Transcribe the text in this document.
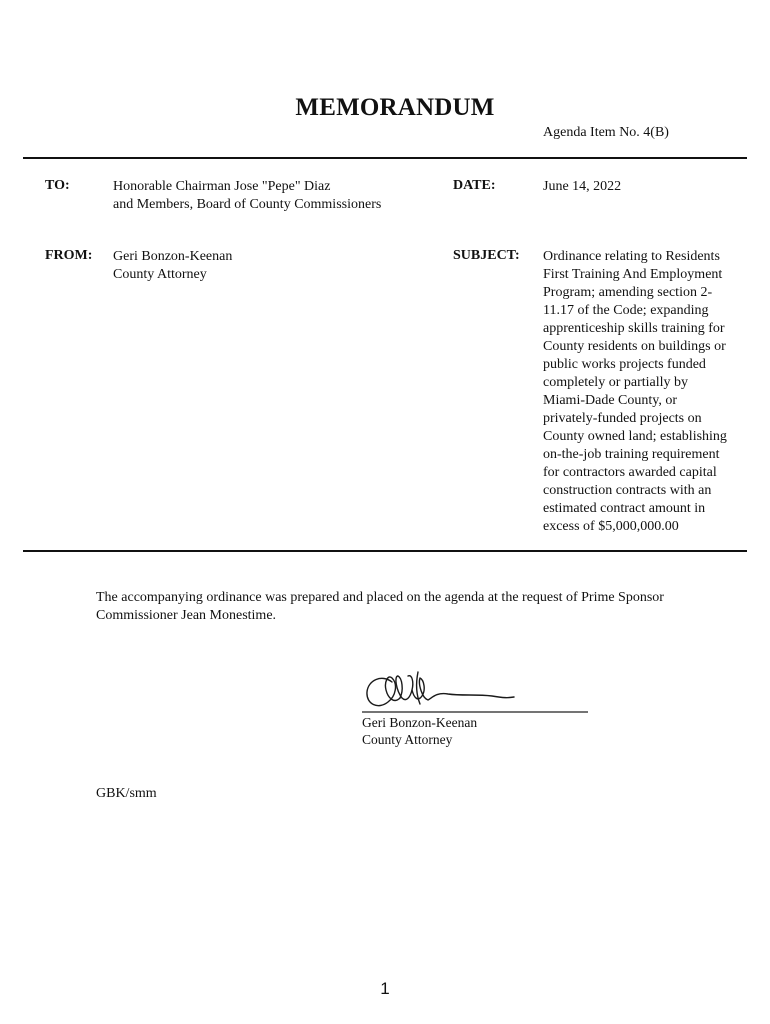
MEMORANDUM
Agenda Item No. 4(B)
TO:	Honorable Chairman Jose "Pepe" Diaz
and Members, Board of County Commissioners
DATE:	June 14, 2022
FROM: Geri Bonzon-Keenan
County Attorney
SUBJECT: Ordinance relating to Residents
First Training And Employment
Program; amending section 2-
11.17 of the Code; expanding
apprenticeship skills training for
County residents on buildings or
public works projects funded
completely or partially by
Miami-Dade County, or
privately-funded projects on
County owned land; establishing
on-the-job training requirement
for contractors awarded capital
construction contracts with an
estimated contract amount in
excess of $5,000,000.00
The accompanying ordinance was prepared and placed on the agenda at the request of Prime Sponsor
Commissioner Jean Monestime.
Geri Bonzon-Keenan
County Attorney
GBK/smm
1
